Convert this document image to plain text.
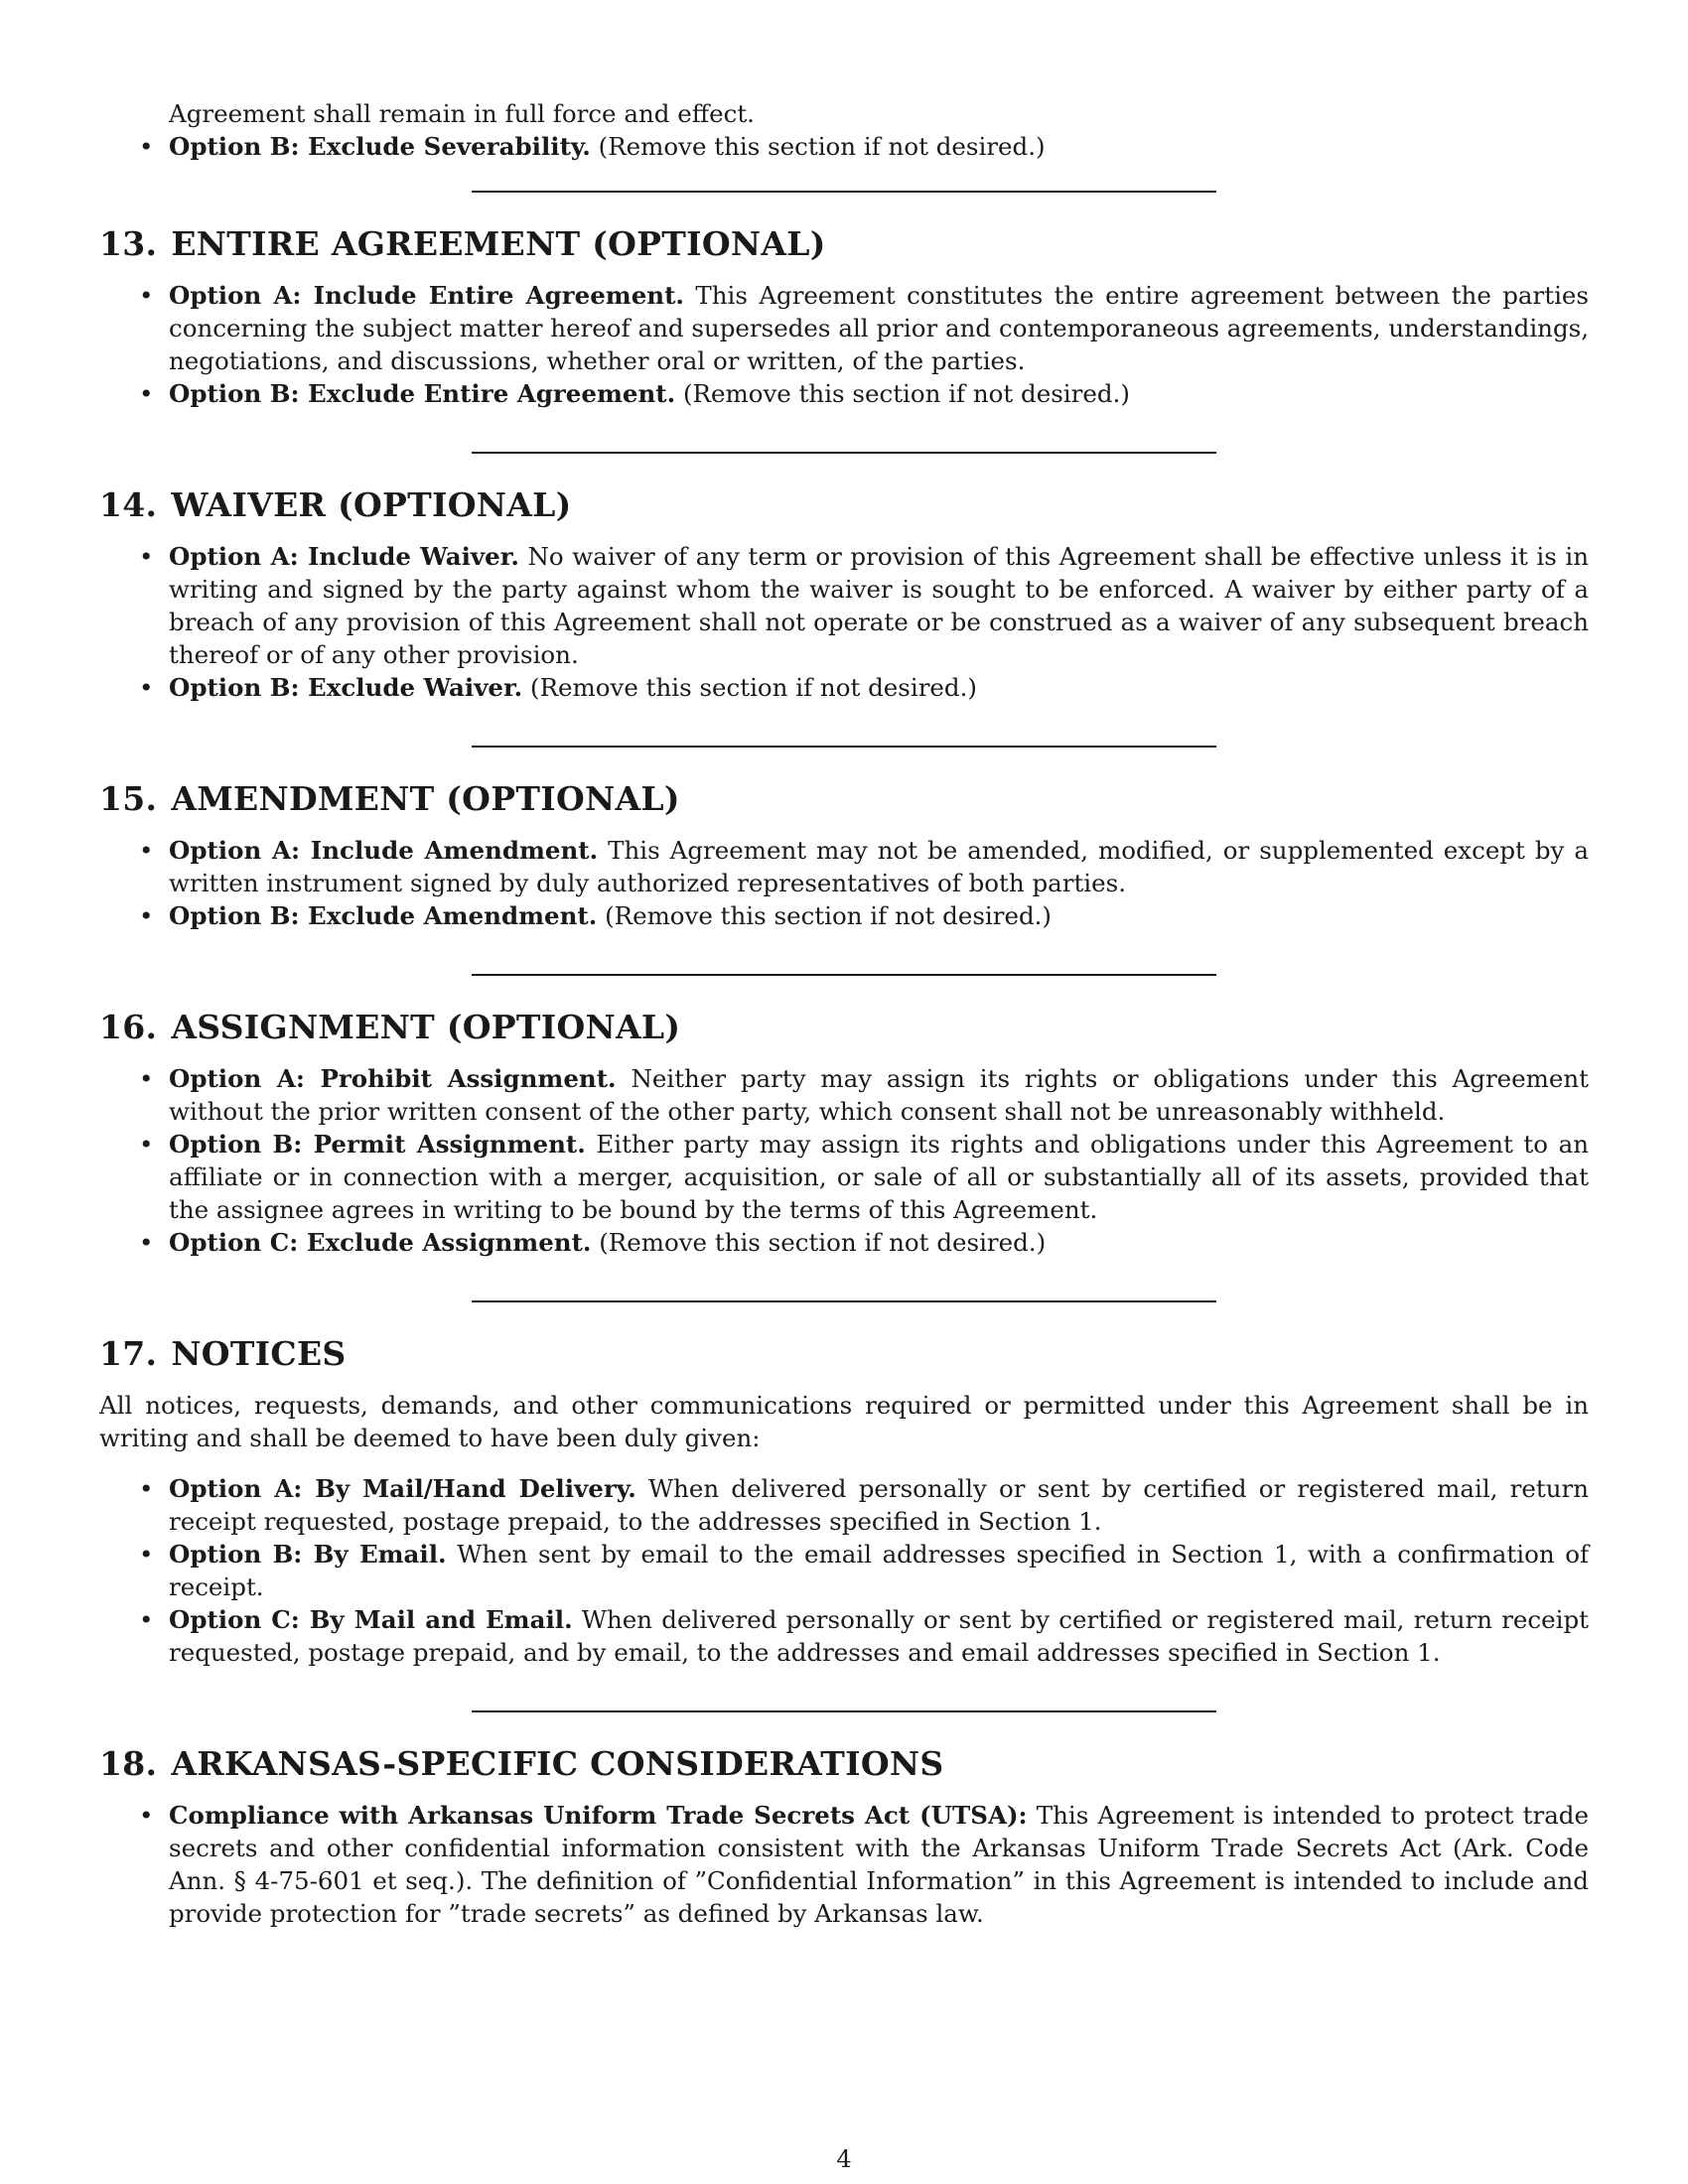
Agreement shall remain in full force and effect.
• Option B: Exclude Severability. (Remove this section if not desired.)
13. ENTIRE AGREEMENT (OPTIONAL)
• Option A: Include Entire Agreement. This Agreement constitutes the entire agreement between the parties concerning the subject matter hereof and supersedes all prior and contemporaneous agreements, understandings, negotiations, and discussions, whether oral or written, of the parties.
• Option B: Exclude Entire Agreement. (Remove this section if not desired.)
14. WAIVER (OPTIONAL)
• Option A: Include Waiver. No waiver of any term or provision of this Agreement shall be effective unless it is in writing and signed by the party against whom the waiver is sought to be enforced. A waiver by either party of a breach of any provision of this Agreement shall not operate or be construed as a waiver of any subsequent breach thereof or of any other provision.
• Option B: Exclude Waiver. (Remove this section if not desired.)
15. AMENDMENT (OPTIONAL)
• Option A: Include Amendment. This Agreement may not be amended, modified, or supplemented except by a written instrument signed by duly authorized representatives of both parties.
• Option B: Exclude Amendment. (Remove this section if not desired.)
16. ASSIGNMENT (OPTIONAL)
• Option A: Prohibit Assignment. Neither party may assign its rights or obligations under this Agreement without the prior written consent of the other party, which consent shall not be unreasonably withheld.
• Option B: Permit Assignment. Either party may assign its rights and obligations under this Agreement to an affiliate or in connection with a merger, acquisition, or sale of all or substantially all of its assets, provided that the assignee agrees in writing to be bound by the terms of this Agreement.
• Option C: Exclude Assignment. (Remove this section if not desired.)
17. NOTICES

All notices, requests, demands, and other communications required or permitted under this Agreement shall be in writing and shall be deemed to have been duly given:

• Option A: By Mail/Hand Delivery. When delivered personally or sent by certified or registered mail, return receipt requested, postage prepaid, to the addresses specified in Section 1.
• Option B: By Email. When sent by email to the email addresses specified in Section 1, with a confirmation of receipt.
• Option C: By Mail and Email. When delivered personally or sent by certified or registered mail, return receipt requested, postage prepaid, and by email, to the addresses and email addresses specified in Section 1.
18. ARKANSAS-SPECIFIC CONSIDERATIONS
• Compliance with Arkansas Uniform Trade Secrets Act (UTSA): This Agreement is intended to protect trade secrets and other confidential information consistent with the Arkansas Uniform Trade Secrets Act (Ark. Code Ann. § 4-75-601 et seq.). The definition of ”Confidential Information” in this Agreement is intended to include and provide protection for ”trade secrets” as defined by Arkansas law.
4
